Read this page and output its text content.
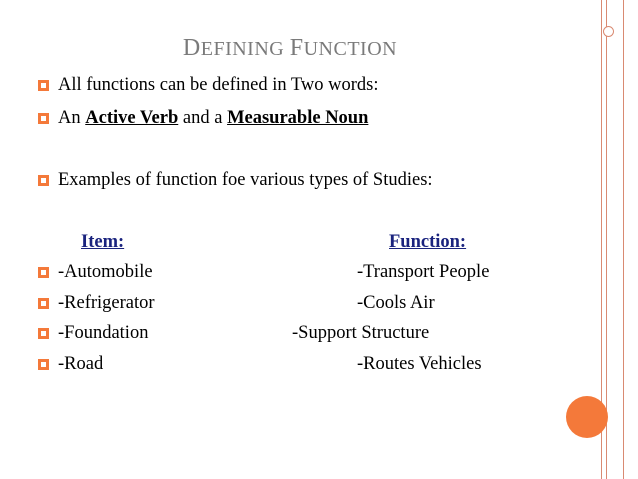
DEFINING FUNCTION
All functions can be defined in Two words:
An Active Verb and a Measurable Noun
Examples of function foe various types of Studies:
Item:	Function:
-Automobile	-Transport People
-Refrigerator	-Cools Air
-Foundation	-Support Structure
-Road	-Routes Vehicles
